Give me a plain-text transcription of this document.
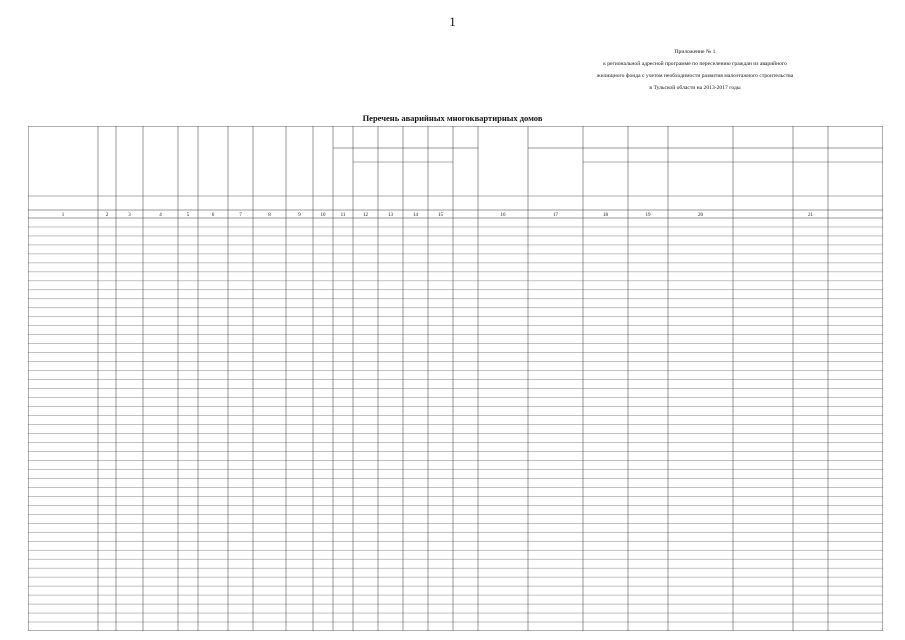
1
Приложение № 1
к региональной адресной программе по переселению граждан из аварийного
жилищного фонда с учетом необходимости развития малоэтажного строительства
в Тульской области на 2013-2017 годы
Перечень аварийных многоквартирных домов
1	2	3	4	5	6	7	8	9	10	11	12	13	14	15	16	17	18	19	20	21
